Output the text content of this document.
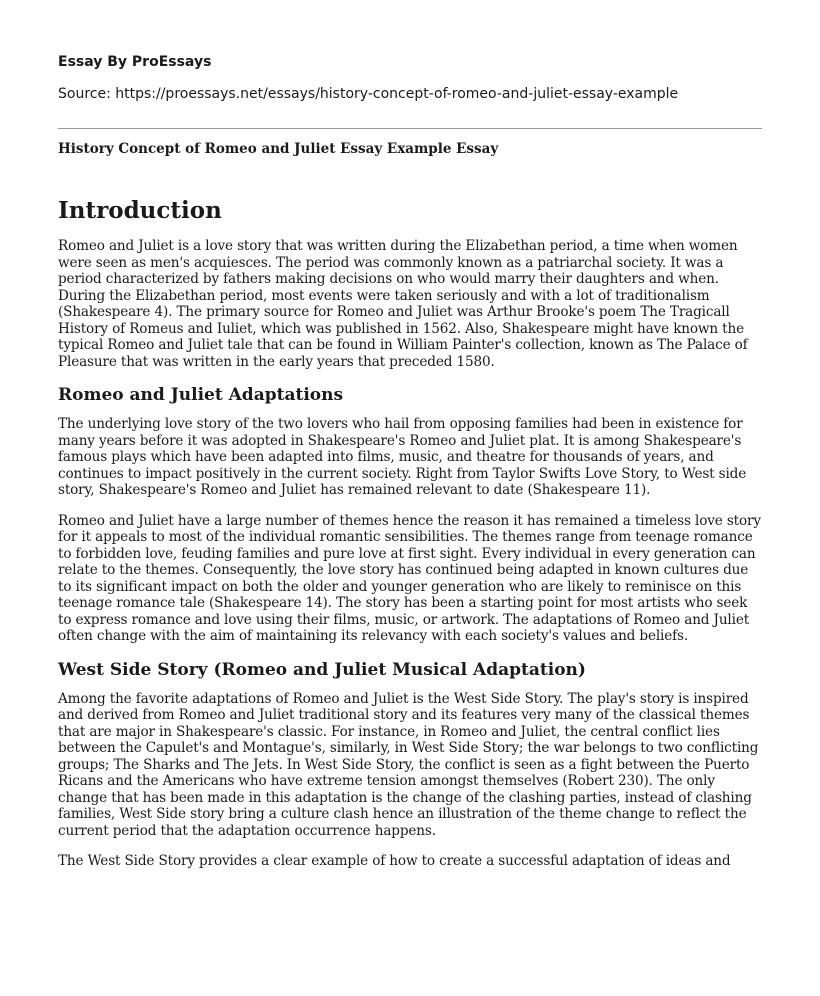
Essay By ProEssays

Source: https://proessays.net/essays/history-concept-of-romeo-and-juliet-essay-example

History Concept of Romeo and Juliet Essay Example Essay

Introduction

Romeo and Juliet is a love story that was written during the Elizabethan period, a time when women were seen as men's acquiesces. The period was commonly known as a patriarchal society. It was a period characterized by fathers making decisions on who would marry their daughters and when. During the Elizabethan period, most events were taken seriously and with a lot of traditionalism (Shakespeare 4). The primary source for Romeo and Juliet was Arthur Brooke's poem The Tragicall History of Romeus and Iuliet, which was published in 1562. Also, Shakespeare might have known the typical Romeo and Juliet tale that can be found in William Painter's collection, known as The Palace of Pleasure that was written in the early years that preceded 1580.

Romeo and Juliet Adaptations

The underlying love story of the two lovers who hail from opposing families had been in existence for many years before it was adopted in Shakespeare's Romeo and Juliet plat. It is among Shakespeare's famous plays which have been adapted into films, music, and theatre for thousands of years, and continues to impact positively in the current society. Right from Taylor Swifts Love Story, to West side story, Shakespeare's Romeo and Juliet has remained relevant to date (Shakespeare 11).

Romeo and Juliet have a large number of themes hence the reason it has remained a timeless love story for it appeals to most of the individual romantic sensibilities. The themes range from teenage romance to forbidden love, feuding families and pure love at first sight. Every individual in every generation can relate to the themes. Consequently, the love story has continued being adapted in known cultures due to its significant impact on both the older and younger generation who are likely to reminisce on this teenage romance tale (Shakespeare 14). The story has been a starting point for most artists who seek to express romance and love using their films, music, or artwork. The adaptations of Romeo and Juliet often change with the aim of maintaining its relevancy with each society's values and beliefs.

West Side Story (Romeo and Juliet Musical Adaptation)

Among the favorite adaptations of Romeo and Juliet is the West Side Story. The play's story is inspired and derived from Romeo and Juliet traditional story and its features very many of the classical themes that are major in Shakespeare's classic. For instance, in Romeo and Juliet, the central conflict lies between the Capulet's and Montague's, similarly, in West Side Story; the war belongs to two conflicting groups; The Sharks and The Jets. In West Side Story, the conflict is seen as a fight between the Puerto Ricans and the Americans who have extreme tension amongst themselves (Robert 230). The only change that has been made in this adaptation is the change of the clashing parties, instead of clashing families, West Side story bring a culture clash hence an illustration of the theme change to reflect the current period that the adaptation occurrence happens.

The West Side Story provides a clear example of how to create a successful adaptation of ideas and
